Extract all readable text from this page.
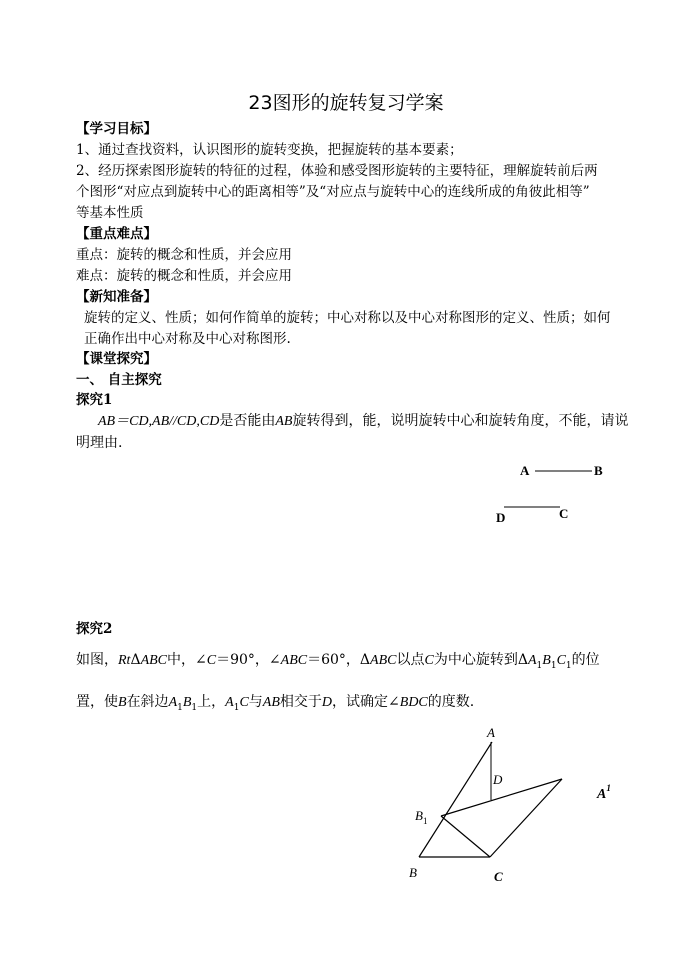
23图形的旋转复习学案
【学习目标】
1、通过查找资料，认识图形的旋转变换，把握旋转的基本要素；
2、经历探索图形旋转的特征的过程，体验和感受图形旋转的主要特征，理解旋转前后两
个图形“对应点到旋转中心的距离相等”及“对应点与旋转中心的连线所成的角彼此相等”
等基本性质
【重点难点】
重点：旋转的概念和性质，并会应用
难点：旋转的概念和性质，并会应用
【新知准备】
旋转的定义、性质；如何作简单的旋转；中心对称以及中心对称图形的定义、性质；如何
正确作出中心对称及中心对称图形.
【课堂探究】
一、 自主探究
探究1
AB＝CD,AB//CD,CD是否能由AB旋转得到，能，说明旋转中心和旋转角度，不能，请说
明理由.
A	B
D	C
探究2
如图，RtΔABC中，∠C＝90°，∠ABC＝60°，ΔABC以点C为中心旋转到$\Delta A_1B_1C_1$的位
置，使B在斜边$A_1B_1$上，$A_1C$与AB相交于D，试确定∠BDC的度数.
A
D
$B_1$
$A^1$
B	C
